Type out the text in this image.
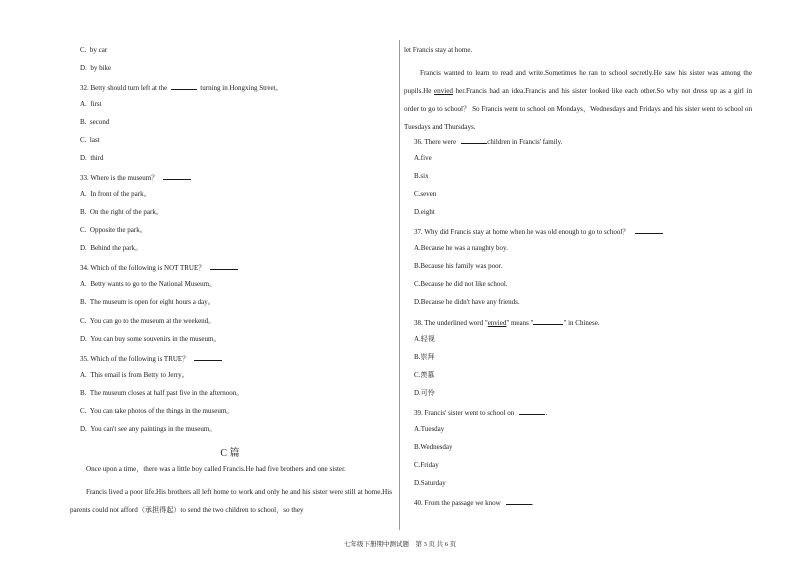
C. by car
D. by bike
32. Betty should turn left at the	turning in Hongxing Street。
A. first
B. second
C. last
D. third
33. Where is the museum？
A. In front of the park。
B. On the right of the park。
C. Opposite the park。
D. Behind the park。
34. Which of the following is NOT TRUE？
A. Betty wants to go to the National Museum。
B. The museum is open for eight hours a day。
C. You can go to the museum at the weekend。
D. You can buy some souvenirs in the museum。
35. Which of the following is TRUE？
A. This email is from Betty to Jerry。
B. The museum closes at half past five in the afternoon。
C. You can take photos of the things in the museum。
D. You can't see any paintings in the museum。
C 篇
Once upon a time，there was a little boy called Francis.He had five brothers and one sister.
Francis lived a poor life.His brothers all left home to work and only he and his sister were still at home.His parents could not afford（承担得起）to send the two children to school，so they
let Francis stay at home.
Francis wanted to learn to read and write.Sometimes he ran to school secretly.He saw his sister was among the pupils.He envied her.Francis had an idea.Francis and his sister looked like each other.So why not dress up as a girl in order to go to school？ So Francis went to school on Mondays，Wednesdays and Fridays and his sister went to school on Tuesdays and Thursdays.
36. There were	children in Francis' family.
A.five
B.six
C.seven
D.eight
37. Why did Francis stay at home when he was old enough to go to school？
A.Because he was a naughty boy.
B.Because his family was poor.
C.Because he did not like school.
D.Because he didn't have any friends.
38. The underlined word "envied" means "	" in Chinese.
A.轻视
B.崇拜
C.羡慕
D.可怜
39. Francis' sister went to school on	.
A.Tuesday
B.Wednesday
C.Friday
D.Saturday
40. From the passage we know	.
七年级下册期中测试题　第 3 页 共 6 页
